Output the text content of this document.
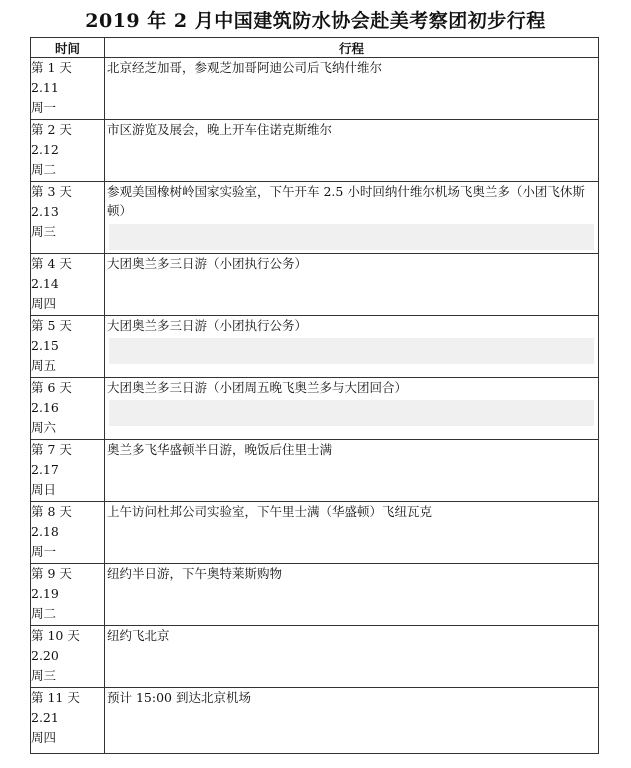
2019 年 2 月中国建筑防水协会赴美考察团初步行程
时间	行程

第 1 天
2.11
周一	北京经芝加哥，参观芝加哥阿迪公司后飞纳什维尔

第 2 天
2.12
周二	市区游览及展会，晚上开车住诺克斯维尔

第 3 天
2.13
周三	参观美国橡树岭国家实验室，下午开车 2.5 小时回纳什维尔机场飞奥兰多（小团飞休斯顿）

第 4 天
2.14
周四	大团奥兰多三日游（小团执行公务）

第 5 天
2.15
周五	大团奥兰多三日游（小团执行公务）

第 6 天
2.16
周六	大团奥兰多三日游（小团周五晚飞奥兰多与大团回合）

第 7 天
2.17
周日	奥兰多飞华盛顿半日游，晚饭后住里士满

第 8 天
2.18
周一	上午访问杜邦公司实验室，下午里士满（华盛顿）飞纽瓦克

第 9 天
2.19
周二	纽约半日游，下午奥特莱斯购物

第 10 天
2.20
周三	纽约飞北京

第 11 天
2.21
周四	预计 15:00 到达北京机场
